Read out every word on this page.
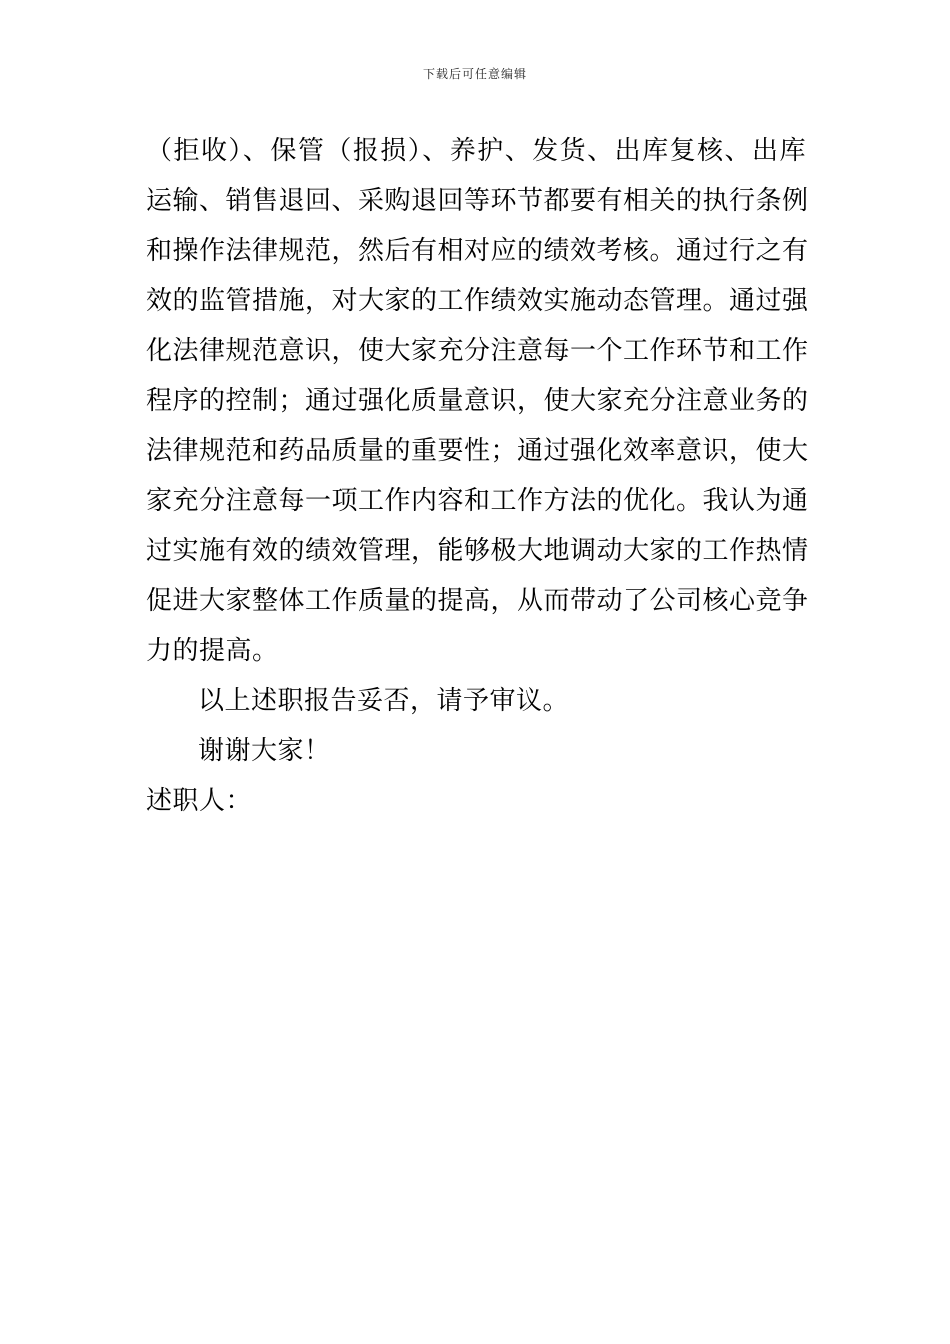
下载后可任意编辑
（拒收）、保管（报损）、养护、发货、出库复核、出库
运输、销售退回、采购退回等环节都要有相关的执行条例
和操作法律规范，然后有相对应的绩效考核。通过行之有
效的监管措施，对大家的工作绩效实施动态管理。通过强
化法律规范意识，使大家充分注意每一个工作环节和工作
程序的控制；通过强化质量意识，使大家充分注意业务的
法律规范和药品质量的重要性；通过强化效率意识，使大
家充分注意每一项工作内容和工作方法的优化。我认为通
过实施有效的绩效管理，能够极大地调动大家的工作热情
促进大家整体工作质量的提高，从而带动了公司核心竞争
力的提高。
以上述职报告妥否，请予审议。
谢谢大家！
述职人：
